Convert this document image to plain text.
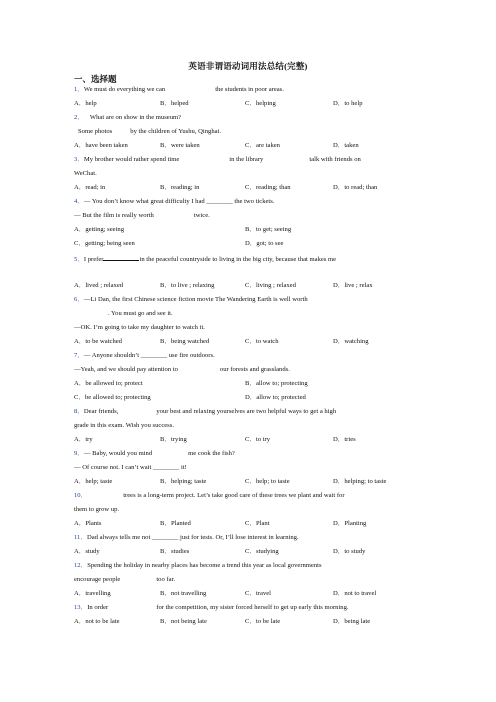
英语非谓语动词用法总结(完整)
一、选择题
1．We must do everything we can	the students in poor areas.
A．help	B．helped	C．helping	D．to help
2． What are on show in the museum?
Some photos	by the children of Yushu, Qinghai.
A．have been taken	B．were taken	C．are taken	D．taken
3．My brother would rather spend time	in the library	talk with friends on
WeChat.
A．read; in	B．reading; in	C．reading; than	D．to read; than
4．— You don’t know what great difficulty I had ________ the two tickets.
— But the film is really worth	twice.
A．getting; seeing	B．to get; seeing
C．getting; being seen	D．got; to see
5．I prefer	in the peaceful countryside to living in the big city, because that makes me
A．lived ; relaxed	B．to live ; relaxing	C．living ; relaxed	D．live ; relax
6．—Li Dan, the first Chinese science fiction movie The Wandering Earth is well worth
. You must go and see it.
—OK. I’m going to take my daughter to watch it.
A．to be watched	B．being watched	C．to watch	D．watching
7．— Anyone shouldn’t ________ use fire outdoors.
—Yeah, and we should pay attention to	our forests and grasslands.
A．be allowed to; protect	B．allow to; protecting
C．be allowed to; protecting	D．allow to; protected
8．Dear friends,	your best and relaxing yourselves are two helpful ways to get a high
grade in this exam. Wish you success.
A．try	B．trying	C．to try	D．tries
9．— Baby, would you mind	me cook the fish?
— Of course not. I can’t wait ________ it!
A．help; taste	B．helping; taste	C．help; to taste	D．helping; to taste
10．	trees is a long-term project. Let’s take good care of these trees we plant and wait for
them to grow up.
A．Plants	B．Planted	C．Plant	D．Planting
11．Dad always tells me not ________ just for tests. Or, I’ll lose interest in learning.
A．study	B．studies	C．studying	D．to study
12．Spending the holiday in nearby places has become a trend this year as local governments
encourage people	too far.
A．travelling	B．not travelling	C．travel	D．not to travel
13．In order	for the competition, my sister forced herself to get up early this morning.
A．not to be late	B．not being late	C．to be late	D．being late
